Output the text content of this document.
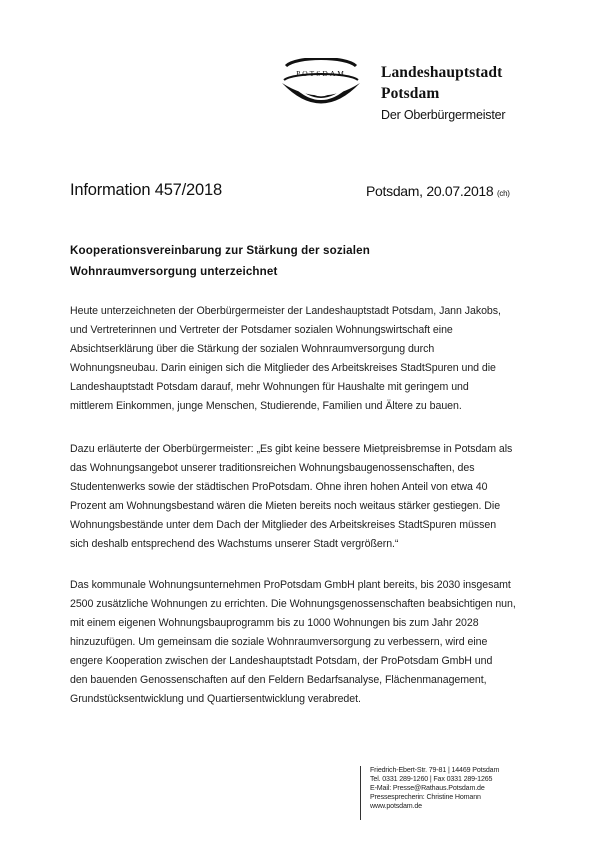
POTSDAM	Landeshauptstadt
Potsdam
Der Oberbürgermeister
Information 457/2018	Potsdam, 20.07.2018 (ch)
Kooperationsvereinbarung zur Stärkung der sozialen
Wohnraumversorgung unterzeichnet
Heute unterzeichneten der Oberbürgermeister der Landeshauptstadt Potsdam, Jann Jakobs,
und Vertreterinnen und Vertreter der Potsdamer sozialen Wohnungswirtschaft eine
Absichtserklärung über die Stärkung der sozialen Wohnraumversorgung durch
Wohnungsneubau. Darin einigen sich die Mitglieder des Arbeitskreises StadtSpuren und die
Landeshauptstadt Potsdam darauf, mehr Wohnungen für Haushalte mit geringem und
mittlerem Einkommen, junge Menschen, Studierende, Familien und Ältere zu bauen.
Dazu erläuterte der Oberbürgermeister: „Es gibt keine bessere Mietpreisbremse in Potsdam als
das Wohnungsangebot unserer traditionsreichen Wohnungsbaugenossenschaften, des
Studentenwerks sowie der städtischen ProPotsdam. Ohne ihren hohen Anteil von etwa 40
Prozent am Wohnungsbestand wären die Mieten bereits noch weitaus stärker gestiegen. Die
Wohnungsbestände unter dem Dach der Mitglieder des Arbeitskreises StadtSpuren müssen
sich deshalb entsprechend des Wachstums unserer Stadt vergrößern.“
Das kommunale Wohnungsunternehmen ProPotsdam GmbH plant bereits, bis 2030 insgesamt
2500 zusätzliche Wohnungen zu errichten. Die Wohnungsgenossenschaften beabsichtigen nun,
mit einem eigenen Wohnungsbauprogramm bis zu 1000 Wohnungen bis zum Jahr 2028
hinzuzufügen. Um gemeinsam die soziale Wohnraumversorgung zu verbessern, wird eine
engere Kooperation zwischen der Landeshauptstadt Potsdam, der ProPotsdam GmbH und
den bauenden Genossenschaften auf den Feldern Bedarfsanalyse, Flächenmanagement,
Grundstücksentwicklung und Quartiersentwicklung verabredet.
Friedrich-Ebert-Str. 79-81 | 14469 Potsdam
Tel. 0331 289-1260 | Fax 0331 289-1265
E-Mail: Presse@Rathaus.Potsdam.de
Pressesprecherin: Christine Homann
www.potsdam.de
